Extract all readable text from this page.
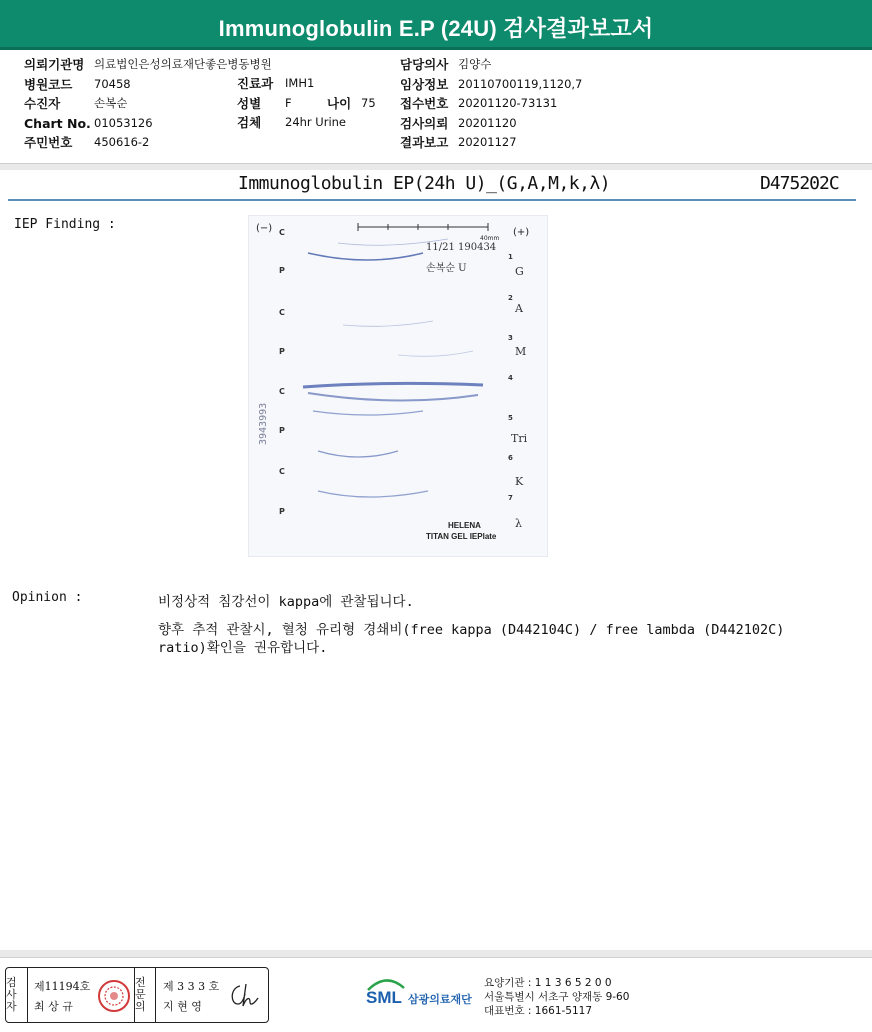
Immunoglobulin E.P (24U) 검사결과보고서
의뢰기관명 의료법인은성의료재단좋은병동병원
병원코드	70458
수진자	손복순
Chart No. 01053126
주민번호	450616-2
진료과	IMH1
성별	F	나이 75
검체	24hr Urine
담당의사 김양수
임상정보 20110700119,1120,7
접수번호 20201120-73131
검사의뢰 20201120
결과보고 20201127
Immunoglobulin EP(24h U)_(G,A,M,k,λ)	D475202C
IEP Finding :	(−)	(+)
40mm
11/21 190434
손복순 U
3943993
C
P
C
P
C
P
C
P
1
2
3
4
5
6
7
G
A
M
Tri
K
λ
HELENA
TITAN GEL IEPlate
Opinion :	비정상적 침강선이 kappa에 관찰됩니다.
향후 추적 관찰시, 혈청 유리형 경쇄비(free kappa (D442104C) / free lambda (D442102C) ratio)확인을 권유합니다.
검사자
제11194호
최 상 규
전문의
제 3 3 3 호
지 현 영	SML 삼광의료재단
요양기관 : 1 1 3 6 5 2 0 0
서울특별시 서초구 양재동 9-60
대표번호 : 1661-5117
